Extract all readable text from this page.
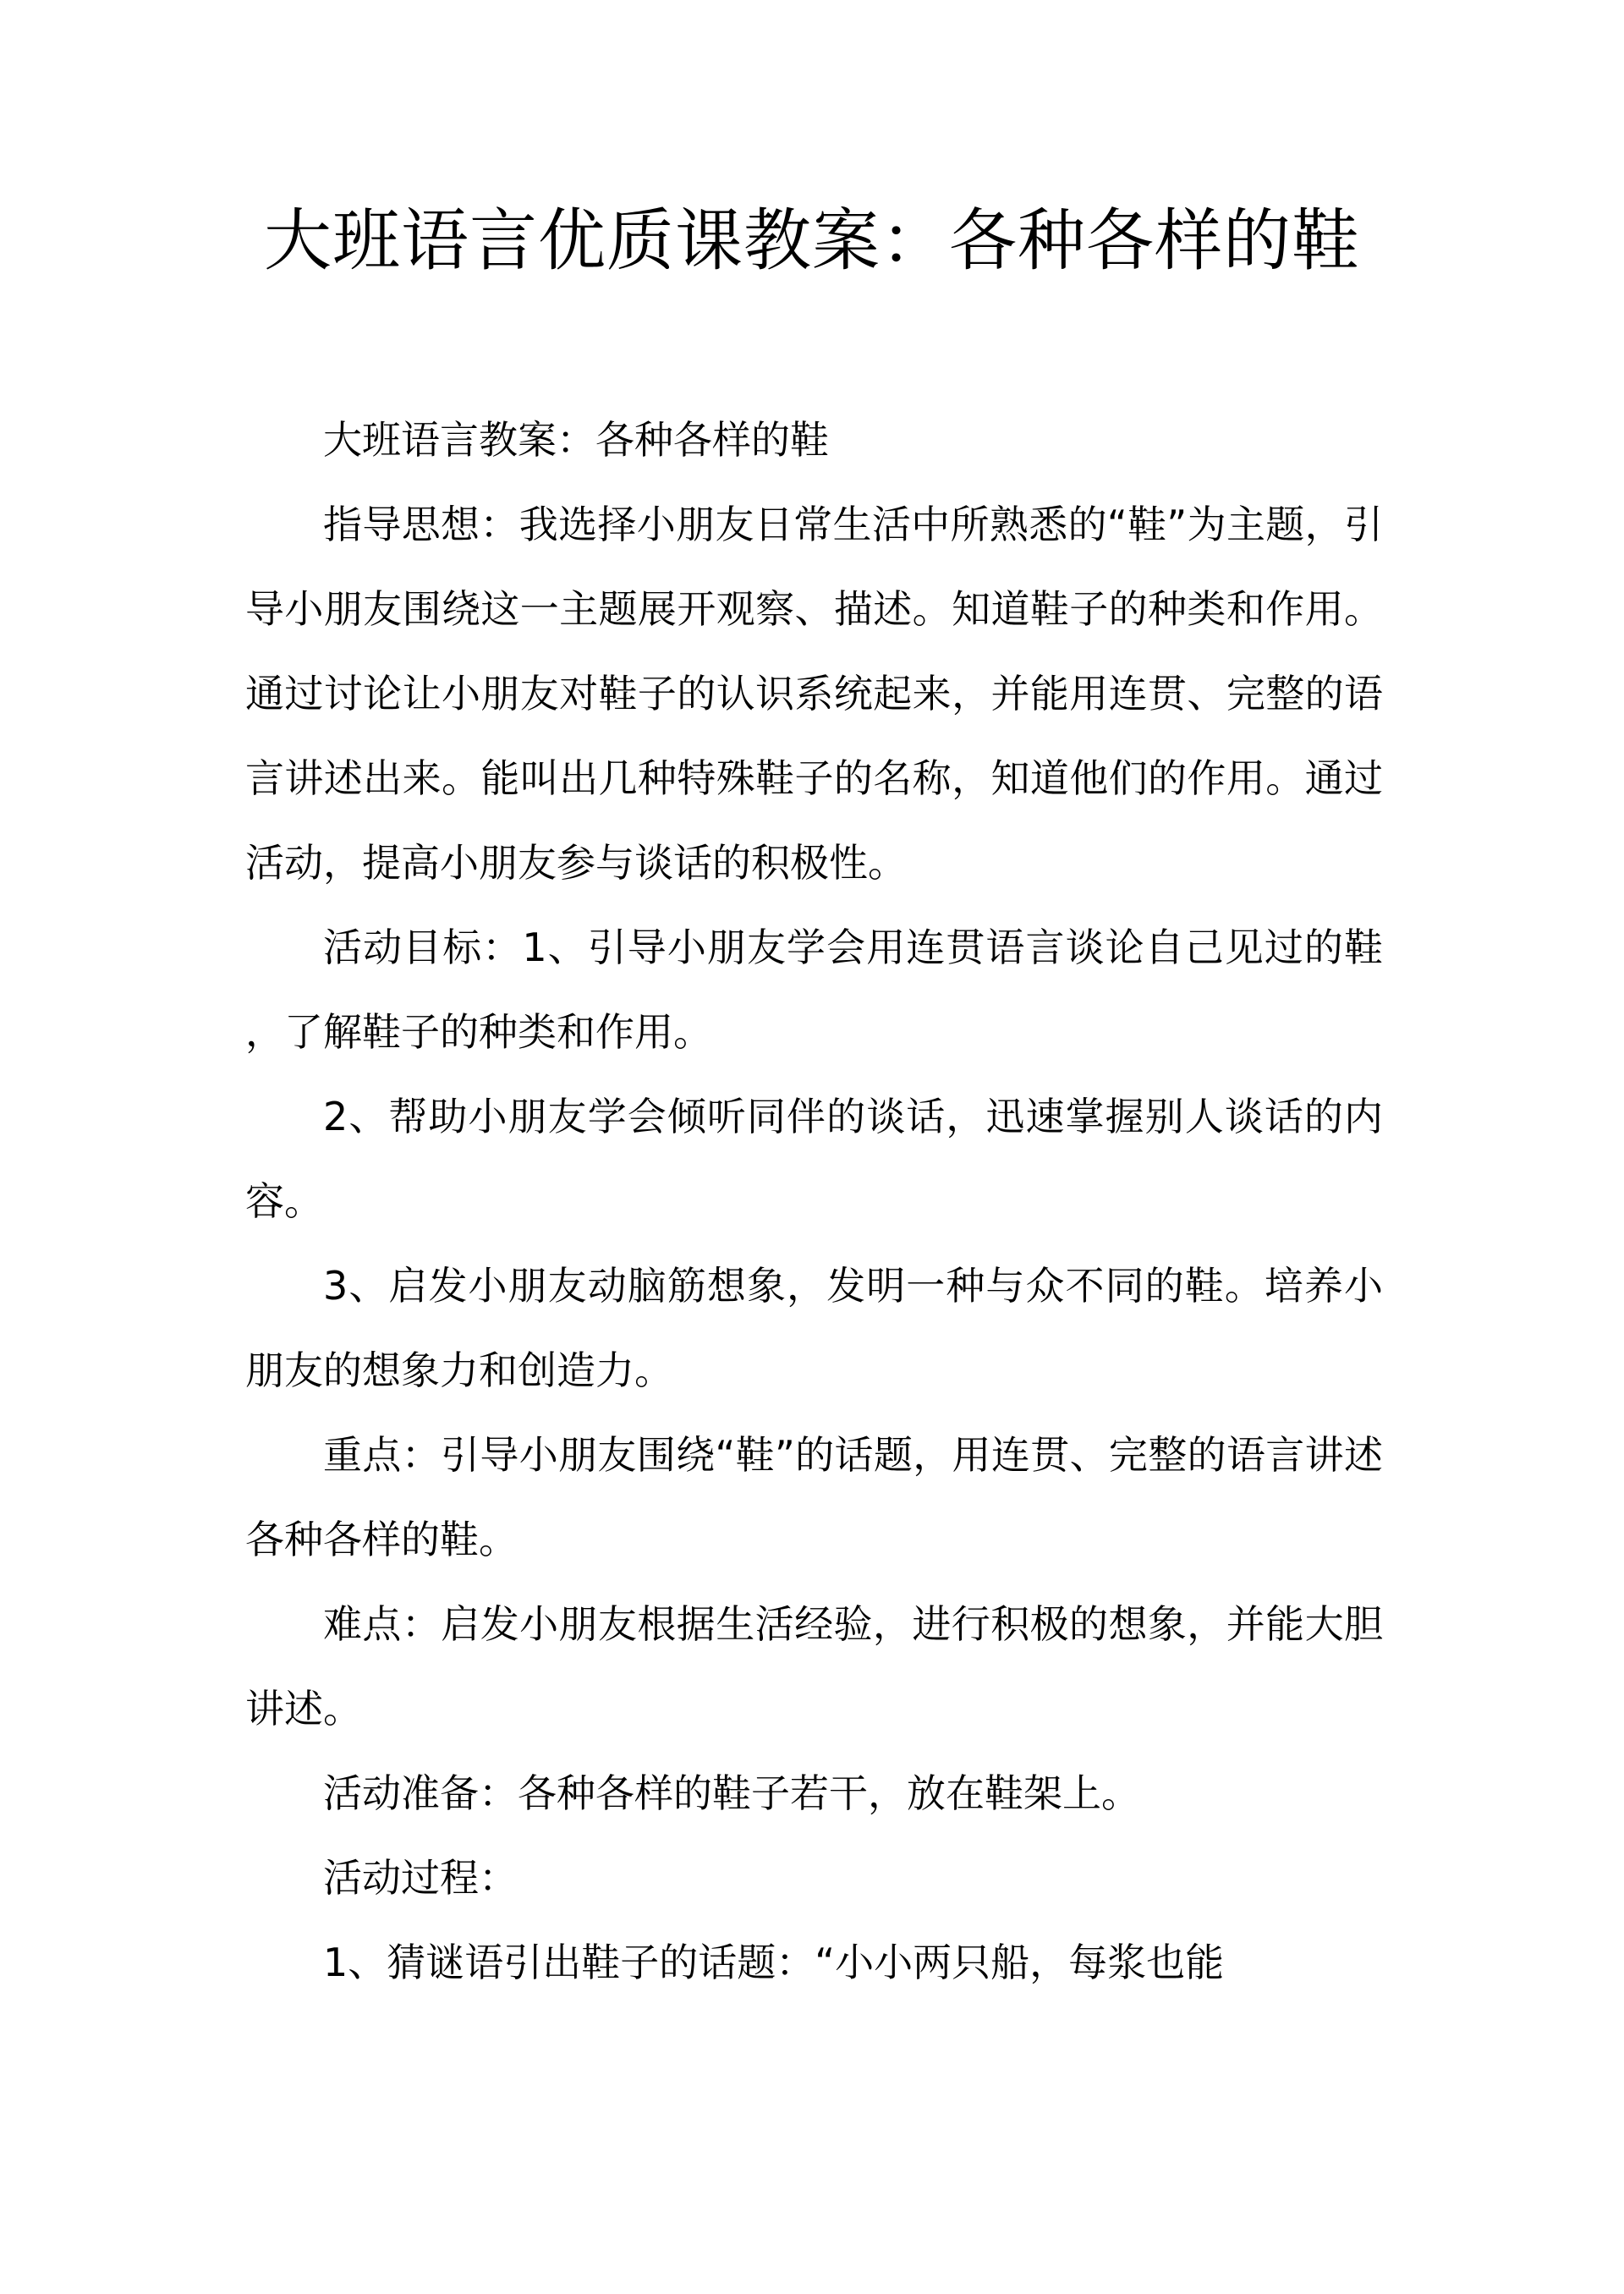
大班语言优质课教案：各种各样的鞋

大班语言教案：各种各样的鞋

指导思想：我选择小朋友日常生活中所熟悉的“鞋”为主题，引导小朋友围绕这一主题展开观察、描述。知道鞋子的种类和作用。通过讨论让小朋友对鞋子的认识系统起来，并能用连贯、完整的语言讲述出来。能叫出几种特殊鞋子的名称，知道他们的作用。通过活动，提高小朋友参与谈话的积极性。

活动目标：1、引导小朋友学会用连贯语言谈论自己见过的鞋，了解鞋子的种类和作用。

2、帮助小朋友学会倾听同伴的谈话，迅速掌握别人谈话的内容。

3、启发小朋友动脑筋想象，发明一种与众不同的鞋。培养小朋友的想象力和创造力。

重点：引导小朋友围绕“鞋”的话题，用连贯、完整的语言讲述各种各样的鞋。

难点：启发小朋友根据生活经验，进行积极的想象，并能大胆讲述。

活动准备：各种各样的鞋子若干，放在鞋架上。

活动过程：

1、猜谜语引出鞋子的话题：“小小两只船，每浆也能
